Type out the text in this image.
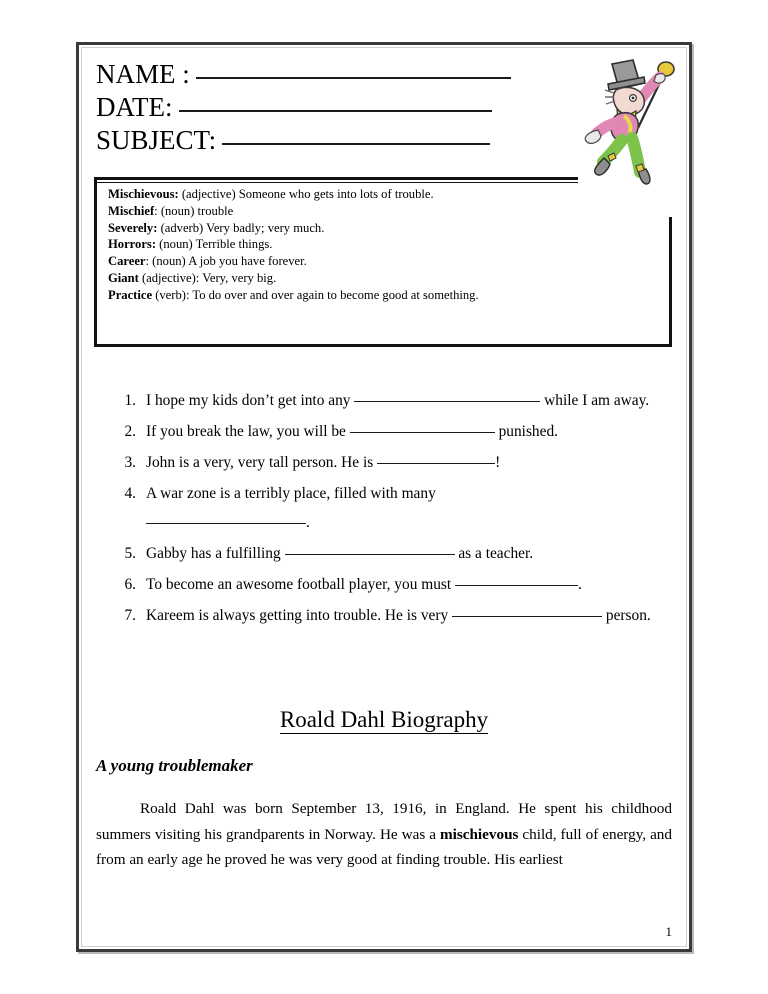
NAME :
DATE:
SUBJECT:
Mischievous: (adjective) Someone who gets into lots of trouble.
Mischief: (noun) trouble
Severely: (adverb) Very badly; very much.
Horrors: (noun) Terrible things.
Career: (noun) A job you have forever.
Giant (adjective): Very, very big.
Practice (verb): To do over and over again to become good at something.
1. I hope my kids don’t get into any	while I am away.
2. If you break the law, you will be	punished.
3. John is a very, very tall person. He is	!
4. A war zone is a terribly place, filled with many
.
5. Gabby has a fulfilling	as a teacher.
6. To become an awesome football player, you must	.
7. Kareem is always getting into trouble. He is very	person.
Roald Dahl Biography
A young troublemaker
Roald Dahl was born September 13, 1916, in England. He spent his childhood summers visiting his grandparents in Norway. He was a mischievous child, full of energy, and from an early age he proved he was very good at finding trouble. His earliest
1
